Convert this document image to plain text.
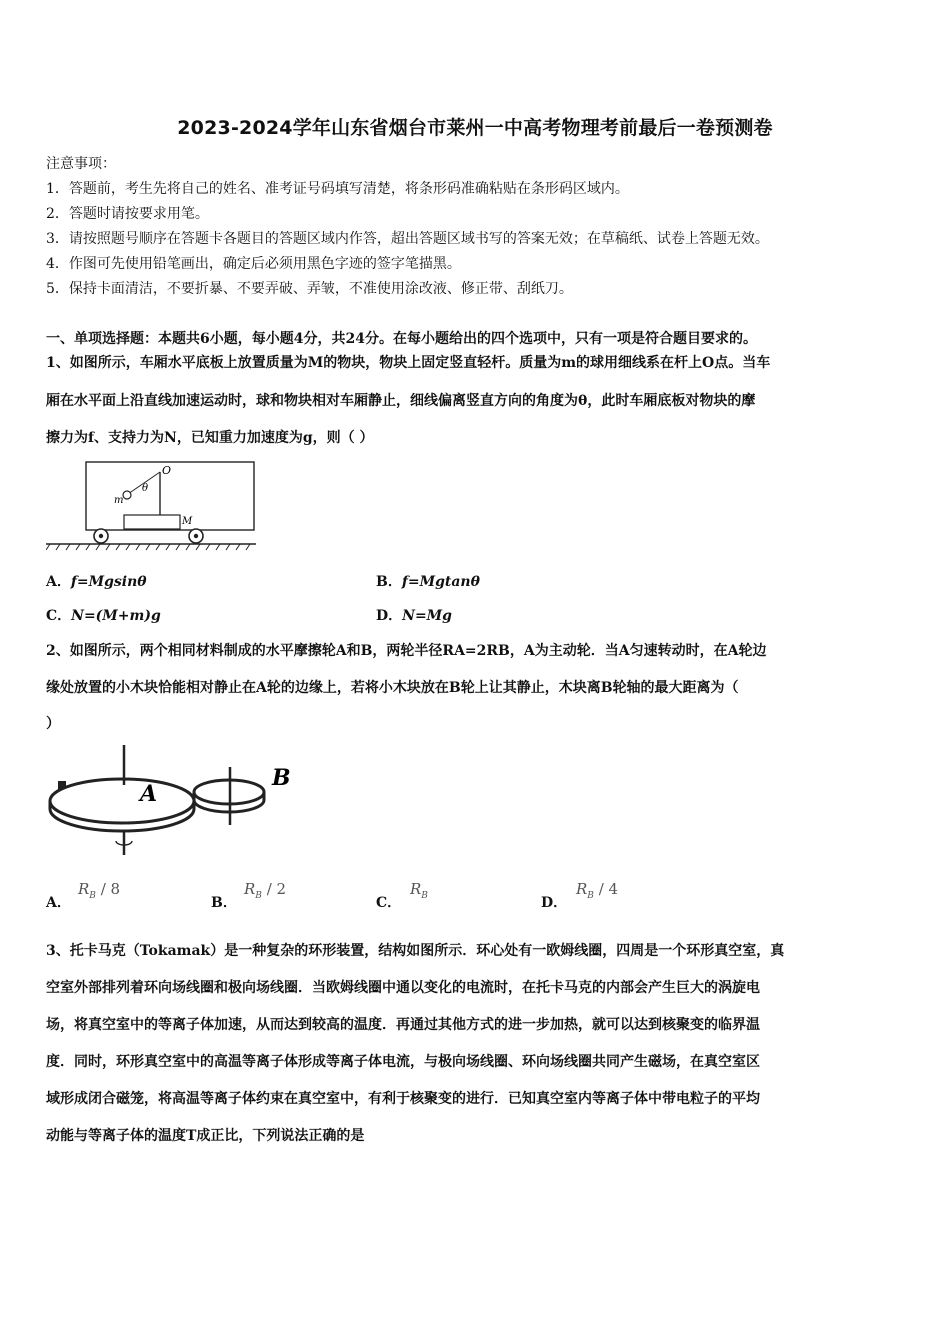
2023-2024学年山东省烟台市莱州一中高考物理考前最后一卷预测卷
注意事项：
1．答题前，考生先将自己的姓名、准考证号码填写清楚，将条形码准确粘贴在条形码区域内。
2．答题时请按要求用笔。
3．请按照题号顺序在答题卡各题目的答题区域内作答，超出答题区域书写的答案无效；在草稿纸、试卷上答题无效。
4．作图可先使用铅笔画出，确定后必须用黑色字迹的签字笔描黑。
5．保持卡面清洁，不要折暴、不要弄破、弄皱，不准使用涂改液、修正带、刮纸刀。
一、单项选择题：本题共6小题，每小题4分，共24分。在每小题给出的四个选项中，只有一项是符合题目要求的。
1、如图所示，车厢水平底板上放置质量为M的物块，物块上固定竖直轻杆。质量为m的球用细线系在杆上O点。当车
厢在水平面上沿直线加速运动时，球和物块相对车厢静止，细线偏离竖直方向的角度为θ，此时车厢底板对物块的摩
擦力为f、支持力为N，已知重力加速度为g，则（ ）
O
θ
m
M
A．f=Mgsinθ	B．f=Mgtanθ
C．N=(M+m)g	D．N=Mg
2、如图所示，两个相同材料制成的水平摩擦轮A和B，两轮半径RA=2RB，A为主动轮．当A匀速转动时，在A轮边
缘处放置的小木块恰能相对静止在A轮的边缘上，若将小木块放在B轮上让其静止，木块离B轮轴的最大距离为（
）
A
B
A．
$R_B / 8$
B．
$R_B / 2$
C．
$R_B$	D．
$R_B / 4$
3、托卡马克（Tokamak）是一种复杂的环形装置，结构如图所示．环心处有一欧姆线圈，四周是一个环形真空室，真
空室外部排列着环向场线圈和极向场线圈．当欧姆线圈中通以变化的电流时，在托卡马克的内部会产生巨大的涡旋电
场，将真空室中的等离子体加速，从而达到较高的温度．再通过其他方式的进一步加热，就可以达到核聚变的临界温
度．同时，环形真空室中的高温等离子体形成等离子体电流，与极向场线圈、环向场线圈共同产生磁场，在真空室区
域形成闭合磁笼，将高温等离子体约束在真空室中，有利于核聚变的进行．已知真空室内等离子体中带电粒子的平均
动能与等离子体的温度T成正比，下列说法正确的是
